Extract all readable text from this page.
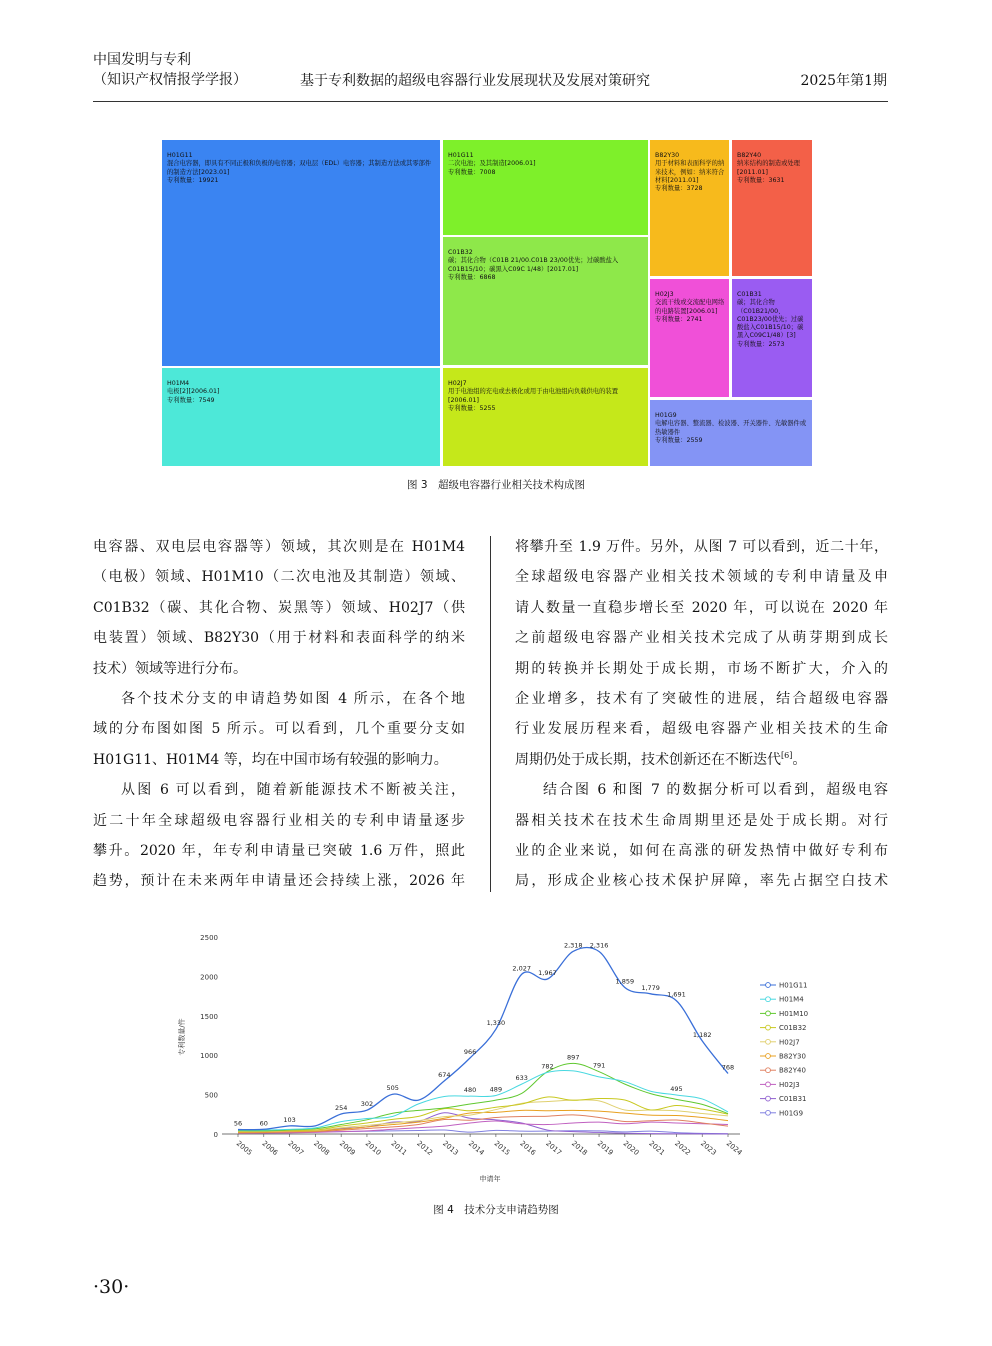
中国发明与专利
（知识产权情报学学报）	基于专利数据的超级电容器行业发展现状及发展对策研究	2025年第1期
H01G11
混合电容器，即具有不同正极和负极的电容器；双电层（EDL）电容器；其制造方法或其零部件的制造方法[2023.01]
专利数量：19921
H01M4
电极[2][2006.01]
专利数量：7549
H01G11
二次电池；及其制造[2006.01]
专利数量：7008
C01B32
碳；其化合物（C01B 21/00.C01B 23/00优先；过碳酸盐入C01B15/10；碳黑入C09C 1/48）[2017.01]
专利数量：6868
H02J7
用于电池组的充电或去极化或用于由电池组向负载供电的装置[2006.01]
专利数量：5255
B82Y30
用于材料和表面科学的纳米技术，例如：纳米符合材料[2011.01]
专利数量：3728
B82Y40
纳米结构的制造或处理[2011.01]
专利数量：3631
H02J3
交流干线或交流配电网络的电路装置[2006.01]
专利数量：2741
C01B31
碳；其化合物（C01B21/00、C01B23/00优先；过碳酸盐入C01B15/10；碳黑入C09C1/48）[3]
专利数量：2573
H01G9
电解电容器、整流器、检波器、开关器件、光敏器件或热敏器件
专利数量：2559
图 3　超级电容器行业相关技术构成图

电容器、双电层电容器等）领域，其次则是在 H01M4

（电极）领域、H01M10（二次电池及其制造）领域、

C01B32（碳、其化合物、炭黑等）领域、H02J7（供

电装置）领域、B82Y30（用于材料和表面科学的纳米

技术）领域等进行分布。

各个技术分支的申请趋势如图 4 所示，在各个地

域的分布图如图 5 所示。可以看到，几个重要分支如

H01G11、H01M4 等，均在中国市场有较强的影响力。

从图 6 可以看到，随着新能源技术不断被关注，

近二十年全球超级电容器行业相关的专利申请量逐步

攀升。2020 年，年专利申请量已突破 1.6 万件，照此

趋势，预计在未来两年申请量还会持续上涨，2026 年

将攀升至 1.9 万件。另外，从图 7 可以看到，近二十年，

全球超级电容器产业相关技术领域的专利申请量及申

请人数量一直稳步增长至 2020 年，可以说在 2020 年

之前超级电容器产业相关技术完成了从萌芽期到成长

期的转换并长期处于成长期，市场不断扩大，介入的

企业增多，技术有了突破性的进展，结合超级电容器

行业发展历程来看，超级电容器产业相关技术的生命

周期仍处于成长期，技术创新还在不断迭代[6]。

结合图 6 和图 7 的数据分析可以看到，超级电容

器相关技术在技术生命周期里还是处于成长期。对行

业的企业来说，如何在高涨的研发热情中做好专利布

局，形成企业核心技术保护屏障，率先占据空白技术

0
500
1000
1500
2000
2500
2005 2006 2007 2008 2009 2010 2011 2012 2013 2014 2015 2016 2017 2018 2019 2020 2021 2022 2023 2024
专利数量/件
申请年
56	60 103
254 302
505
674
966
1,330
2,027
1,967
2,318 2,316
1,859
1,779
1,691
1,182
768
782
897
791
489
633
480	495
H01G11
H01M4
H01M10
C01B32
H02J7
B82Y30
B82Y40
H02J3
C01B31
H01G9
图 4　技术分支申请趋势图
·30·
